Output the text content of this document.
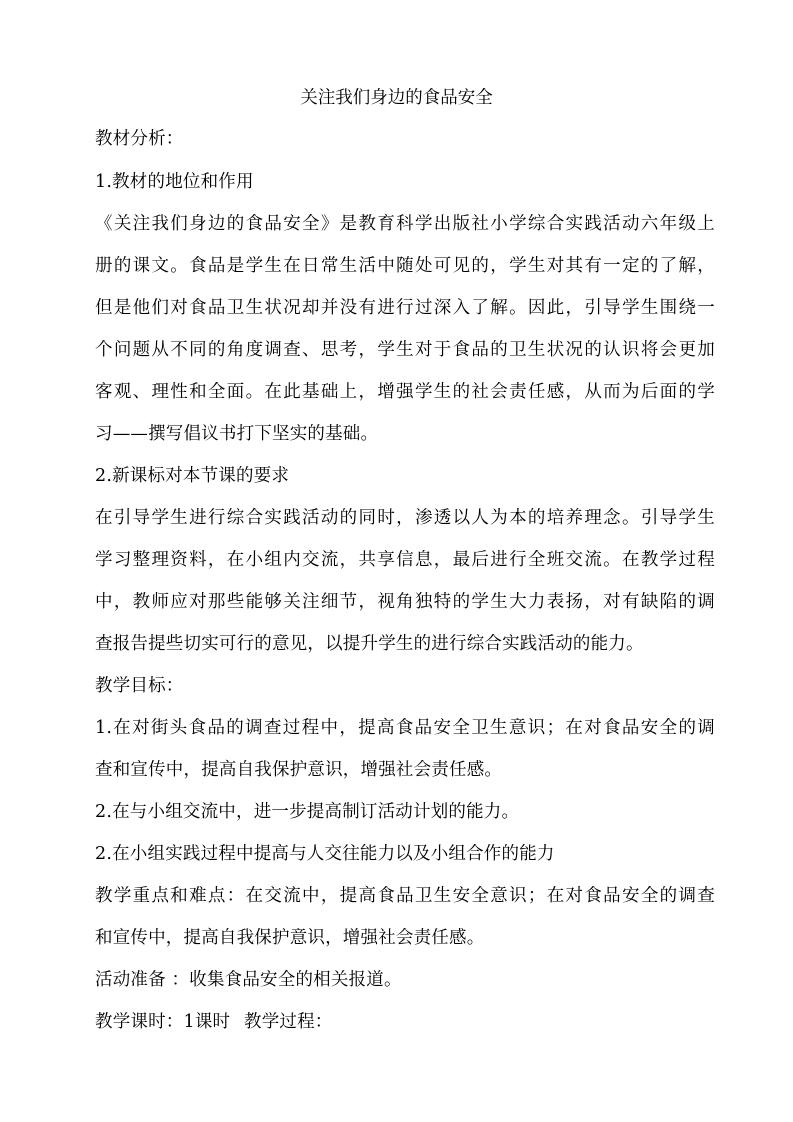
关注我们身边的食品安全
教材分析：
1.教材的地位和作用
《关注我们身边的食品安全》是教育科学出版社小学综合实践活动六年级上
册的课文。食品是学生在日常生活中随处可见的，学生对其有一定的了解，
但是他们对食品卫生状况却并没有进行过深入了解。因此，引导学生围绕一
个问题从不同的角度调查、思考，学生对于食品的卫生状况的认识将会更加
客观、理性和全面。在此基础上，增强学生的社会责任感，从而为后面的学
习——撰写倡议书打下坚实的基础。
2.新课标对本节课的要求
在引导学生进行综合实践活动的同时，渗透以人为本的培养理念。引导学生
学习整理资料，在小组内交流，共享信息，最后进行全班交流。在教学过程
中，教师应对那些能够关注细节，视角独特的学生大力表扬，对有缺陷的调
查报告提些切实可行的意见，以提升学生的进行综合实践活动的能力。
教学目标：
1.在对街头食品的调查过程中，提高食品安全卫生意识；在对食品安全的调
查和宣传中，提高自我保护意识，增强社会责任感。
2.在与小组交流中，进一步提高制订活动计划的能力。
2.在小组实践过程中提高与人交往能力以及小组合作的能力
教学重点和难点：在交流中，提高食品卫生安全意识；在对食品安全的调查
和宣传中，提高自我保护意识，增强社会责任感。
活动准备 ：收集食品安全的相关报道。
教学课时：1课时 教学过程：
